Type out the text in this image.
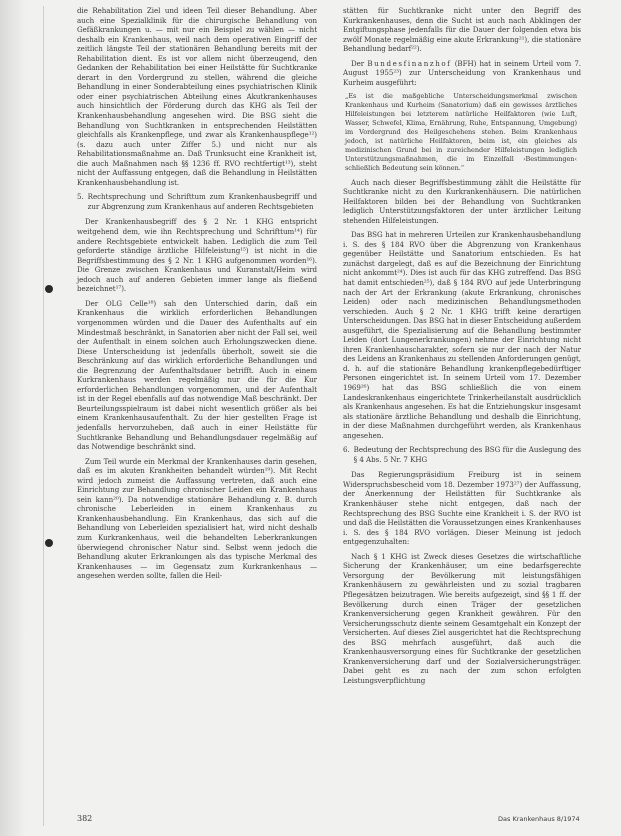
die Rehabilitation Ziel und ideen Teil dieser Behandlung. Aber auch eine Spezialklinik für die chirurgische Behandlung von Gefäßkrankungen u. — mit nur ein Beispiel zu wählen — nicht deshalb ein Krankenhaus, weil nach dem operativen Eingriff der zeitlich längste Teil der stationären Behandlung bereits mit der Rehabilitation dient. Es ist vor allem nicht überzeugend, den Gedanken der Rehabilitation bei einer Heilstätte für Suchtkranke derart in den Vordergrund zu stellen, während die gleiche Behandlung in einer Sonderabteilung eines psychiatrischen Klinik oder einer psychiatrischen Abteilung eines Akutkrankenhauses auch hinsichtlich der Förderung durch das KHG als Teil der Krankenhausbehandlung angesehen wird. Die BSG sieht die Behandlung von Suchtkranken in entsprechenden Heilstätten gleichfalls als Krankenpflege, und zwar als Krankenhauspflege¹²) (s. dazu auch unter Ziffer 5.) und nicht nur als Rehabilitationsmaßnahme an. Daß Trunksucht eine Krankheit ist, die auch Maßnahmen nach §§ 1236 ff. RVO rechtfertigt¹³), steht nicht der Auffassung entgegen, daß die Behandlung in Heilstätten Krankenhausbehandlung ist.

5. Rechtsprechung und Schrifttum zum Krankenhausbegriff und zur Abgrenzung zum Krankenhaus auf anderen Rechtsgebieten

Der Krankenhausbegriff des § 2 Nr. 1 KHG entspricht weitgehend dem, wie ihn Rechtsprechung und Schrifttum¹⁴) für andere Rechtsgebiete entwickelt haben. Lediglich die zum Teil geforderte ständige ärztliche Hilfeleistung¹⁵) ist nicht in die Begriffsbestimmung des § 2 Nr. 1 KHG aufgenommen worden¹⁶). Die Grenze zwischen Krankenhaus und Kuranstalt/Heim wird jedoch auch auf anderen Gebieten immer lange als fließend bezeichnet¹⁷).

Der OLG Celle¹⁸) sah den Unterschied darin, daß ein Krankenhaus die wirklich erforderlichen Behandlungen vorgenommen würden und die Dauer des Aufenthalts auf ein Mindestmaß beschränkt, in Sanatorien aber nicht der Fall sei, weil der Aufenthalt in einem solchen auch Erholungszwecken diene. Diese Unterscheidung ist jedenfalls überholt, soweit sie die Beschränkung auf das wirklich erforderliche Behandlungen und die Begrenzung der Aufenthaltsdauer betrifft. Auch in einem Kurkrankenhaus werden regelmäßig nur die für die Kur erforderlichen Behandlungen vorgenommen, und der Aufenthalt ist in der Regel ebenfalls auf das notwendige Maß beschränkt. Der Beurteilungsspielraum ist dabei nicht wesentlich größer als bei einem Krankenhausaufenthalt. Zu der hier gestellten Frage ist jedenfalls hervorzuheben, daß auch in einer Heilstätte für Suchtkranke Behandlung und Behandlungsdauer regelmäßig auf das Notwendige beschränkt sind.

Zum Teil wurde ein Merkmal der Krankenhauses darin gesehen, daß es im akuten Krankheiten behandelt würden¹⁹). Mit Recht wird jedoch zumeist die Auffassung vertreten, daß auch eine Einrichtung zur Behandlung chronischer Leiden ein Krankenhaus sein kann²⁰). Da notwendige stationäre Behandlung z. B. durch chronische Leberleiden in einem Krankenhaus zu Krankenhausbehandlung. Ein Krankenhaus, das sich auf die Behandlung von Leberleiden spezialisiert hat, wird nicht deshalb zum Kurkrankenhaus, weil die behandelten Leberkrankungen überwiegend chronischer Natur sind. Selbst wenn jedoch die Behandlung akuter Erkrankungen als das typische Merkmal des Krankenhauses — im Gegensatz zum Kurkrankenhaus — angesehen werden sollte, fallen die Heil-

stätten für Suchtkranke nicht unter den Begriff des Kurkrankenhauses, denn die Sucht ist auch nach Abklingen der Entgiftungsphase jedenfalls für die Dauer der folgenden etwa bis zwölf Monate regelmäßig eine akute Erkrankung²¹), die stationäre Behandlung bedarf²²).

Der Bundesfinanzhof (BFH) hat in seinem Urteil vom 7. August 1955²³) zur Unterscheidung von Krankenhaus und Kurheim ausgeführt:

„Es ist die maßgebliche Unterscheidungsmerkmal zwischen Krankenhaus und Kurheim (Sanatorium) daß ein gewisses ärztliches Hilfeleistungen bei letzterem natürliche Heilfaktoren (wie Luft, Wasser, Schwefel, Klima, Ernährung, Ruhe, Entspannung, Umgebung) im Vordergrund des Heilgeschehens stehen. Beim Krankenhaus jedoch, ist natürliche Heilfaktoren, beim ist, ein gleiches als medizinischen Grund bei in zureichender Hilfeleistungen lediglich Unterstützungsmaßnahmen, die im Einzelfall ›Bestimmungen‹ schließlich Bedeutung sein können.“

Auch nach dieser Begriffsbestimmung zählt die Heilstätte für Suchtkranke nicht zu den Kurkrankenhäusern. Die natürlichen Heilfaktoren bilden bei der Behandlung von Suchtkranken lediglich Unterstützungsfaktoren der unter ärztlicher Leitung stehenden Hilfeleistungen.

Das BSG hat in mehreren Urteilen zur Krankenhausbehandlung i. S. des § 184 RVO über die Abgrenzung von Krankenhaus gegenüber Heilstätte und Sanatorium entschieden. Es hat zunächst dargelegt, daß es auf die Bezeichnung der Einrichtung nicht ankommt²⁴). Dies ist auch für das KHG zutreffend. Das BSG hat damit entschieden²⁵), daß § 184 RVO auf jede Unterbringung nach der Art der Erkrankung (akute Erkrankung, chronisches Leiden) oder nach medizinischen Behandlungsmethoden verschieden. Auch § 2 Nr. 1 KHG trifft keine derartigen Unterscheidungen. Das BSG hat in dieser Entscheidung außerdem ausgeführt, die Spezialisierung auf die Behandlung bestimmter Leiden (dort Lungenerkrankungen) nehme der Einrichtung nicht ihren Krankenhauscharakter, sofern sie nur der nach der Natur des Leidens an Krankenhaus zu stellenden Anforderungen genügt, d. h. auf die stationäre Behandlung krankenpflegebedürftiger Personen eingerichtet ist. In seinem Urteil vom 17. Dezember 1969²⁶) hat das BSG schließlich die von einem Landeskrankenhaus eingerichtete Trinkerheilanstalt ausdrücklich als Krankenhaus angesehen. Es hat die Entziehungskur insgesamt als stationäre ärztliche Behandlung und deshalb die Einrichtung, in der diese Maßnahmen durchgeführt werden, als Krankenhaus angesehen.

6. Bedeutung der Rechtsprechung des BSG für die Auslegung des § 4 Abs. 5 Nr. 7 KHG

Das Regierungspräsidium Freiburg ist in seinem Widerspruchsbescheid vom 18. Dezember 1973²⁷) der Auffassung, der Anerkennung der Heilstätten für Suchtkranke als Krankenhäuser stehe nicht entgegen, daß nach der Rechtsprechung des BSG Suchte eine Krankheit i. S. der RVO ist und daß die Heilstätten die Voraussetzungen eines Krankenhauses i. S. des § 184 RVO vorlägen. Dieser Meinung ist jedoch entgegenzuhalten:

Nach § 1 KHG ist Zweck dieses Gesetzes die wirtschaftliche Sicherung der Krankenhäuser, um eine bedarfsgerechte Versorgung der Bevölkerung mit leistungsfähigen Krankenhäusern zu gewährleisten und zu sozial tragbaren Pflegesätzen beizutragen. Wie bereits aufgezeigt, sind §§ 1 ff. der Bevölkerung durch einen Träger der gesetzlichen Krankenversicherung gegen Krankheit gewähren. Für den Versicherungsschutz diente seinem Gesamtgehalt ein Konzept der Versicherten. Auf dieses Ziel ausgerichtet hat die Rechtsprechung des BSG mehrfach ausgeführt, daß auch die Krankenhausversorgung eines für Suchtkranke der gesetzlichen Krankenversicherung darf und der Sozialversicherungsträger. Dabei geht es zu nach der zum schon erfolgten Leistungsverpflichtung

382	Das Krankenhaus 8/1974
